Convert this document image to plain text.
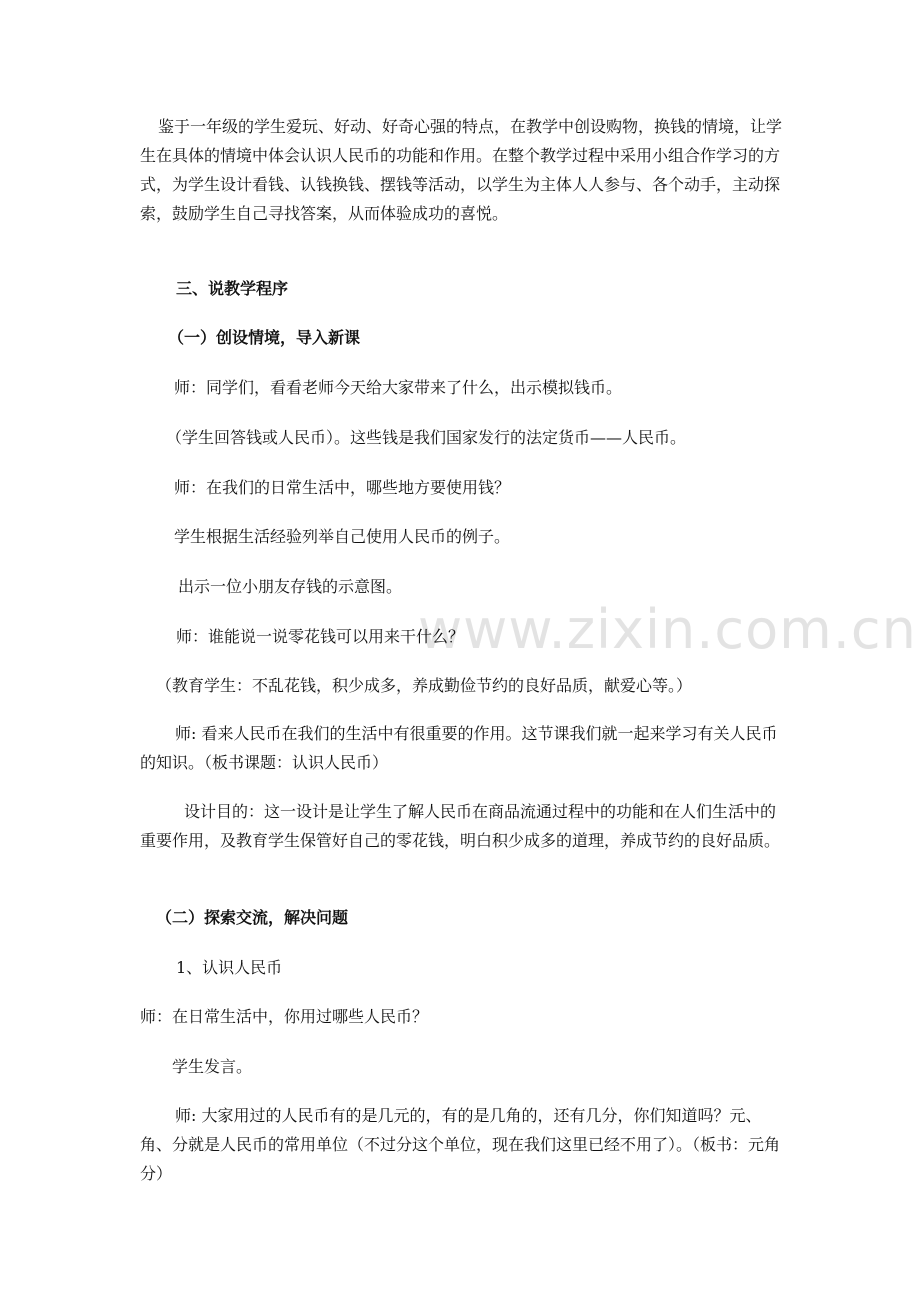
www.zixin.com.cn

鉴于一年级的学生爱玩、好动、好奇心强的特点，在教学中创设购物，换钱的情境，让学生在具体的情境中体会认识人民币的功能和作用。在整个教学过程中采用小组合作学习的方式，为学生设计看钱、认钱换钱、摆钱等活动，以学生为主体人人参与、各个动手，主动探索，鼓励学生自己寻找答案，从而体验成功的喜悦。

三、说教学程序

（一）创设情境，导入新课

师：同学们，看看老师今天给大家带来了什么，出示模拟钱币。

（学生回答钱或人民币）。这些钱是我们国家发行的法定货币——人民币。

师：在我们的日常生活中，哪些地方要使用钱？

学生根据生活经验列举自己使用人民币的例子。

出示一位小朋友存钱的示意图。

师：谁能说一说零花钱可以用来干什么？

（教育学生：不乱花钱，积少成多，养成勤俭节约的良好品质，献爱心等。）

师: 看来人民币在我们的生活中有很重要的作用。这节课我们就一起来学习有关人民币的知识。（板书课题：认识人民币）

设计目的：这一设计是让学生了解人民币在商品流通过程中的功能和在人们生活中的重要作用，及教育学生保管好自己的零花钱，明白积少成多的道理，养成节约的良好品质。

（二）探索交流，解决问题

1、认识人民币

师：在日常生活中，你用过哪些人民币？

学生发言。

师: 大家用过的人民币有的是几元的，有的是几角的，还有几分，你们知道吗？元、角、分就是人民币的常用单位（不过分这个单位，现在我们这里已经不用了）。（板书：元角分）
